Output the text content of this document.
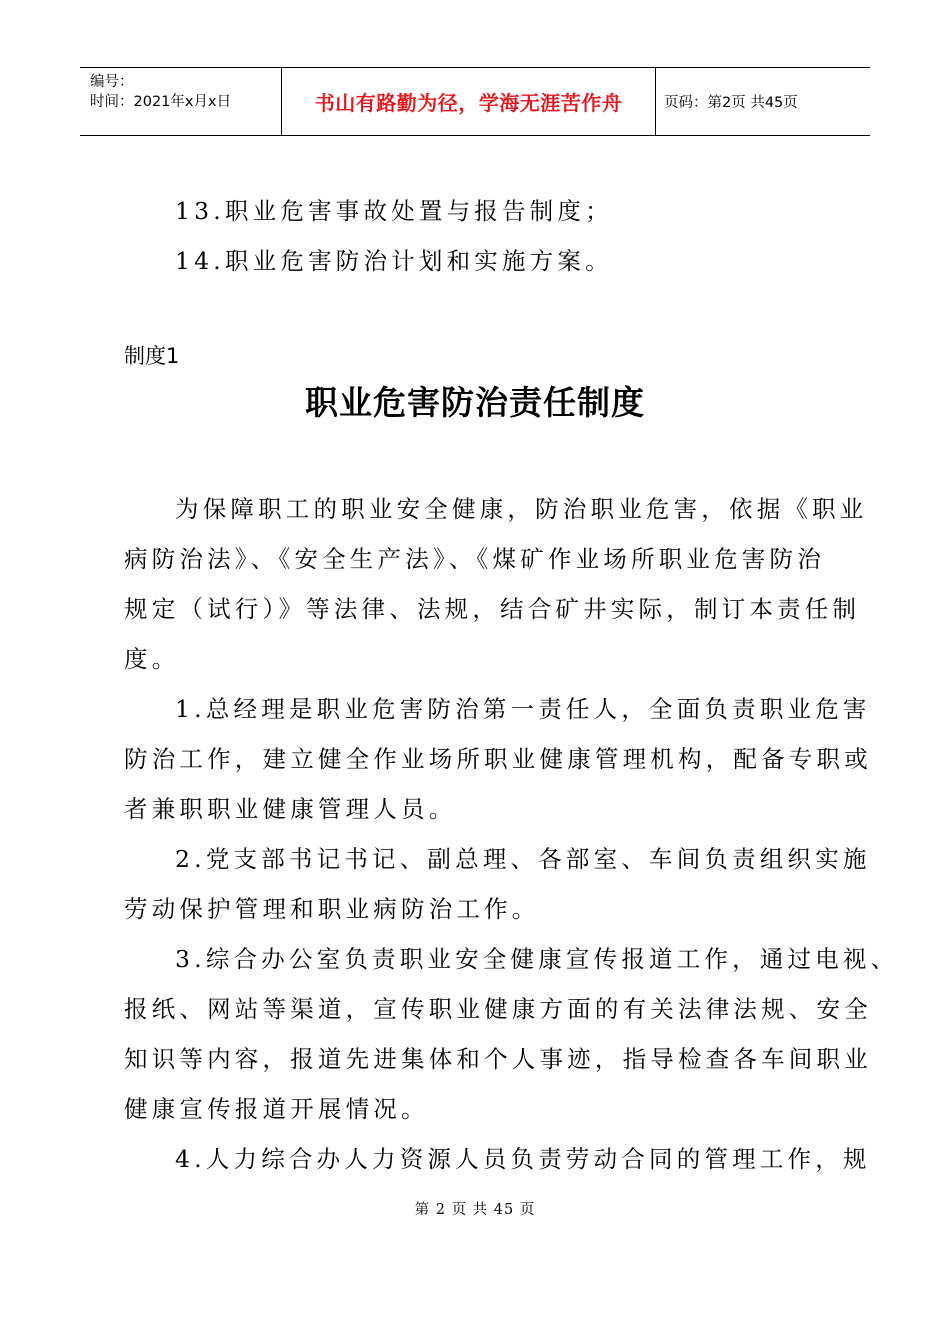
编号：
时间：2021年x月x日	书山有路勤为径，学海无涯苦作舟	页码：第2页 共45页
13.职业危害事故处置与报告制度；
14.职业危害防治计划和实施方案。
制度1
职业危害防治责任制度
为保障职工的职业安全健康，防治职业危害，依据《职业
病防治法》、《安全生产法》、《煤矿作业场所职业危害防治
规定（试行）》等法律、法规，结合矿井实际，制订本责任制
度。
1.总经理是职业危害防治第一责任人，全面负责职业危害
防治工作，建立健全作业场所职业健康管理机构，配备专职或
者兼职职业健康管理人员。
2.党支部书记书记、副总理、各部室、车间负责组织实施
劳动保护管理和职业病防治工作。
3.综合办公室负责职业安全健康宣传报道工作，通过电视、
报纸、网站等渠道，宣传职业健康方面的有关法律法规、安全
知识等内容，报道先进集体和个人事迹，指导检查各车间职业
健康宣传报道开展情况。
4.人力综合办人力资源人员负责劳动合同的管理工作，规
第 2 页 共 45 页
